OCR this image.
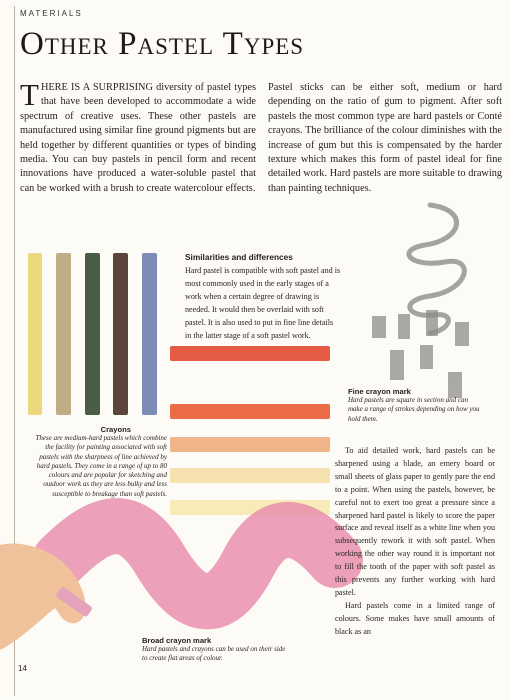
MATERIALS
Other Pastel Types
THERE IS A SURPRISING diversity of pastel types that have been developed to accommodate a wide spectrum of creative uses. These other pastels are manufactured using similar fine ground pigments but are held together by different quantities or types of binding media. You can buy pastels in pencil form and recent innovations have produced a water-soluble pastel that can be worked with a brush to create watercolour effects.
Pastel sticks can be either soft, medium or hard depending on the ratio of gum to pigment. After soft pastels the most common type are hard pastels or Conté crayons. The brilliance of the colour diminishes with the increase of gum but this is compensated by the harder texture which makes this form of pastel ideal for fine detailed work. Hard pastels are more suitable to drawing than painting techniques.
Similarities and differences
Hard pastel is compatible with soft pastel and is most commonly used in the early stages of a work when a certain degree of drawing is needed. It would then be overlaid with soft pastel. It is also used to put in fine line details in the latter stage of a soft pastel work.
Crayons
These are medium-hard pastels which combine the facility for painting associated with soft pastels with the sharpness of line achieved by hard pastels. They come in a range of up to 80 colours and are popular for sketching and outdoor work as they are less bulky and less susceptible to breakage than soft pastels.
Fine crayon mark
Hard pastels are square in section and can make a range of strokes depending on how you hold them.
Broad crayon mark
Hard pastels and crayons can be used on their side to create flat areas of colour.

To aid detailed work, hard pastels can be sharpened using a blade, an emery board or small sheets of glass paper to gently pare the end to a point. When using the pastels, however, be careful not to exert too great a pressure since a sharpened hard pastel is likely to score the paper surface and reveal itself as a white line when you subsequently rework it with soft pastel. When working the other way round it is important not to fill the tooth of the paper with soft pastel as this prevents any further working with hard pastel.

Hard pastels come in a limited range of colours. Some makes have small amounts of black as an

14
